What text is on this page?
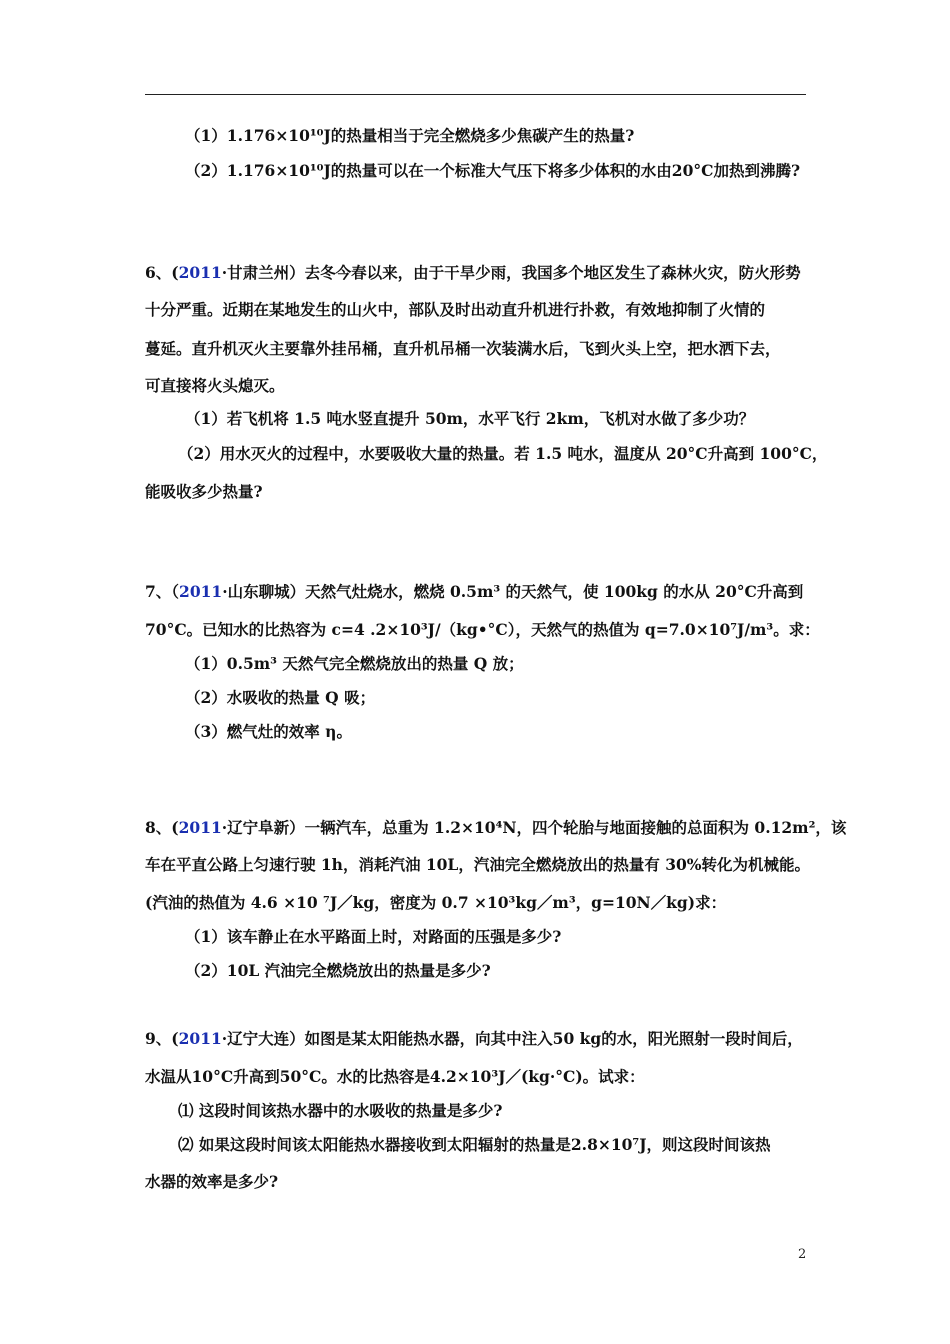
（1）1.176×10¹⁰J的热量相当于完全燃烧多少焦碳产生的热量?
（2）1.176×10¹⁰J的热量可以在一个标准大气压下将多少体积的水由20°C加热到沸腾?
6、(2011·甘肃兰州）去冬今春以来，由于干旱少雨，我国多个地区发生了森林火灾，防火形势
十分严重。近期在某地发生的山火中，部队及时出动直升机进行扑救，有效地抑制了火情的
蔓延。直升机灭火主要靠外挂吊桶，直升机吊桶一次装满水后，飞到火头上空，把水洒下去，
可直接将火头熄灭。
（1）若飞机将 1.5 吨水竖直提升 50m，水平飞行 2km，飞机对水做了多少功？
（2）用水灭火的过程中，水要吸收大量的热量。若 1.5 吨水，温度从 20°C升高到 100°C，
能吸收多少热量?
7、（2011·山东聊城）天然气灶烧水，燃烧 0.5m³ 的天然气，使 100kg 的水从 20°C升高到
70°C。已知水的比热容为 c=4 .2×10³J/（kg•°C），天然气的热值为 q=7.0×10⁷J/m³。求：
（1）0.5m³ 天然气完全燃烧放出的热量 Q 放；
（2）水吸收的热量 Q 吸；
（3）燃气灶的效率 η。
8、(2011·辽宁阜新）一辆汽车，总重为 1.2×10⁴N，四个轮胎与地面接触的总面积为 0.12m²，该
车在平直公路上匀速行驶 1h，消耗汽油 10L，汽油完全燃烧放出的热量有 30%转化为机械能。
(汽油的热值为 4.6 ×10 ⁷J／kg，密度为 0.7 ×10³kg／m³，g=10N／kg)求：
（1）该车静止在水平路面上时，对路面的压强是多少?
（2）10L 汽油完全燃烧放出的热量是多少?
9、(2011·辽宁大连）如图是某太阳能热水器，向其中注入50 kg的水，阳光照射一段时间后，
水温从10°C升高到50°C。水的比热容是4.2×10³J／(kg·°C)。试求：
⑴ 这段时间该热水器中的水吸收的热量是多少?
⑵ 如果这段时间该太阳能热水器接收到太阳辐射的热量是2.8×10⁷J，则这段时间该热
水器的效率是多少?
2
